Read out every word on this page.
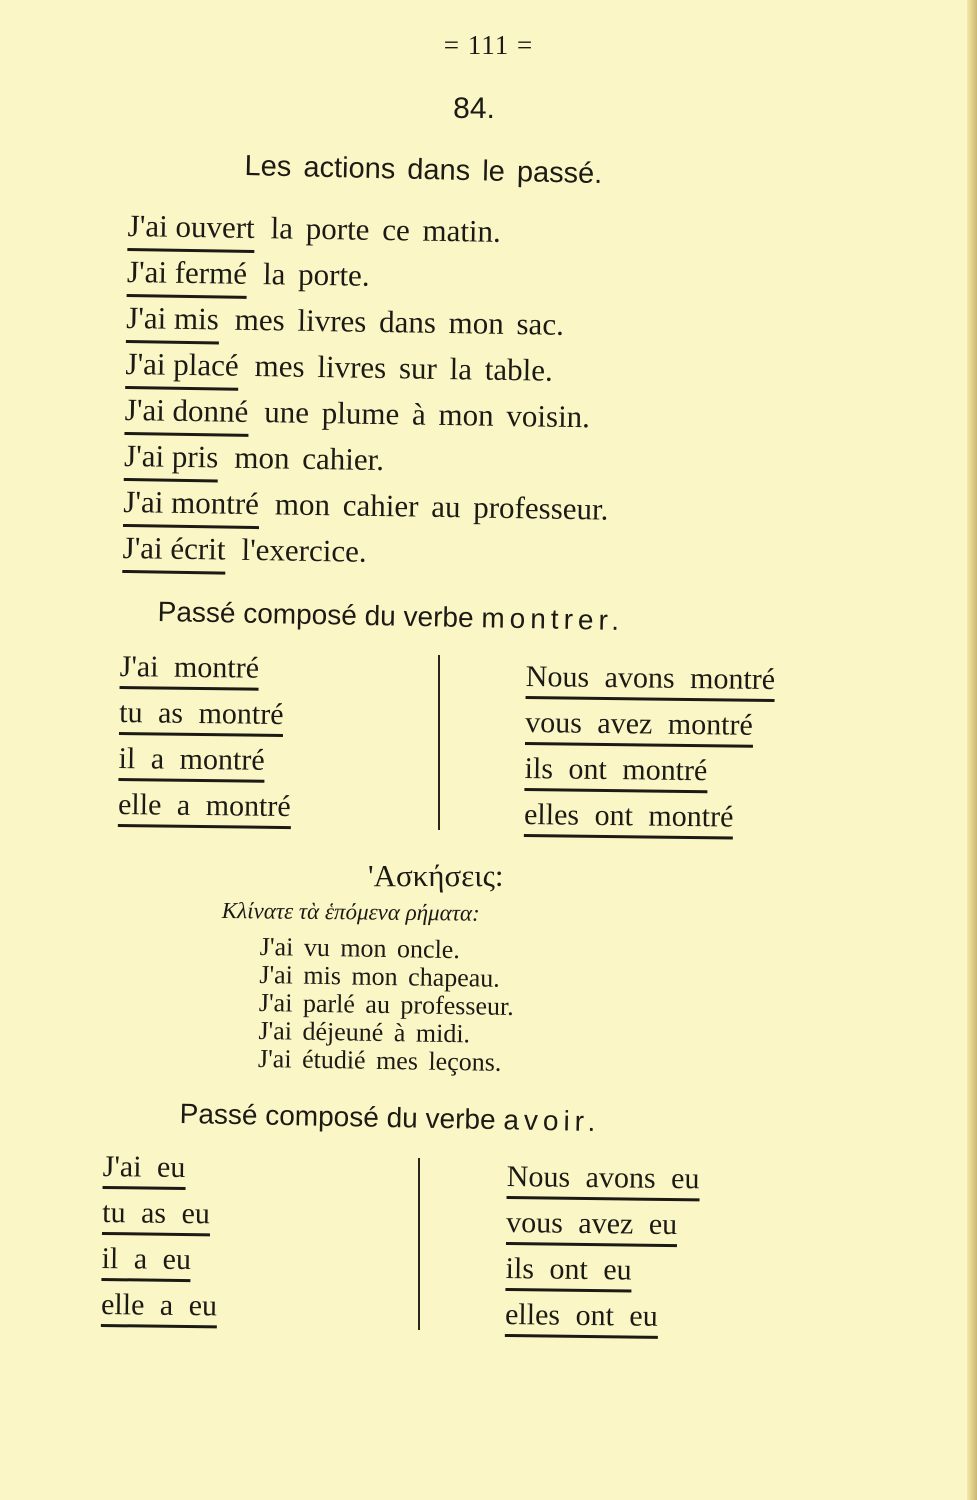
= 111 =
84.
Les actions dans le passé.
J'ai ouvert la porte ce matin.
J'ai fermé la porte.
J'ai mis mes livres dans mon sac.
J'ai placé mes livres sur la table.
J'ai donné une plume à mon voisin.
J'ai pris mon cahier.
J'ai montré mon cahier au professeur.
J'ai écrit l'exercice.
Passé composé du verbe montrer.
J'ai montré
tu as montré
il a montré
elle a montré
Nous avons montré
vous avez montré
ils ont montré
elles ont montré
'Ασκήσεις:
Κλίνατε τὰ ἑπόμενα ρήματα:
J'ai vu mon oncle.
J'ai mis mon chapeau.
J'ai parlé au professeur.
J'ai déjeuné à midi.
J'ai étudié mes leçons.
Passé composé du verbe avoir.
J'ai eu
tu as eu
il a eu
elle a eu
Nous avons eu
vous avez eu
ils ont eu
elles ont eu
